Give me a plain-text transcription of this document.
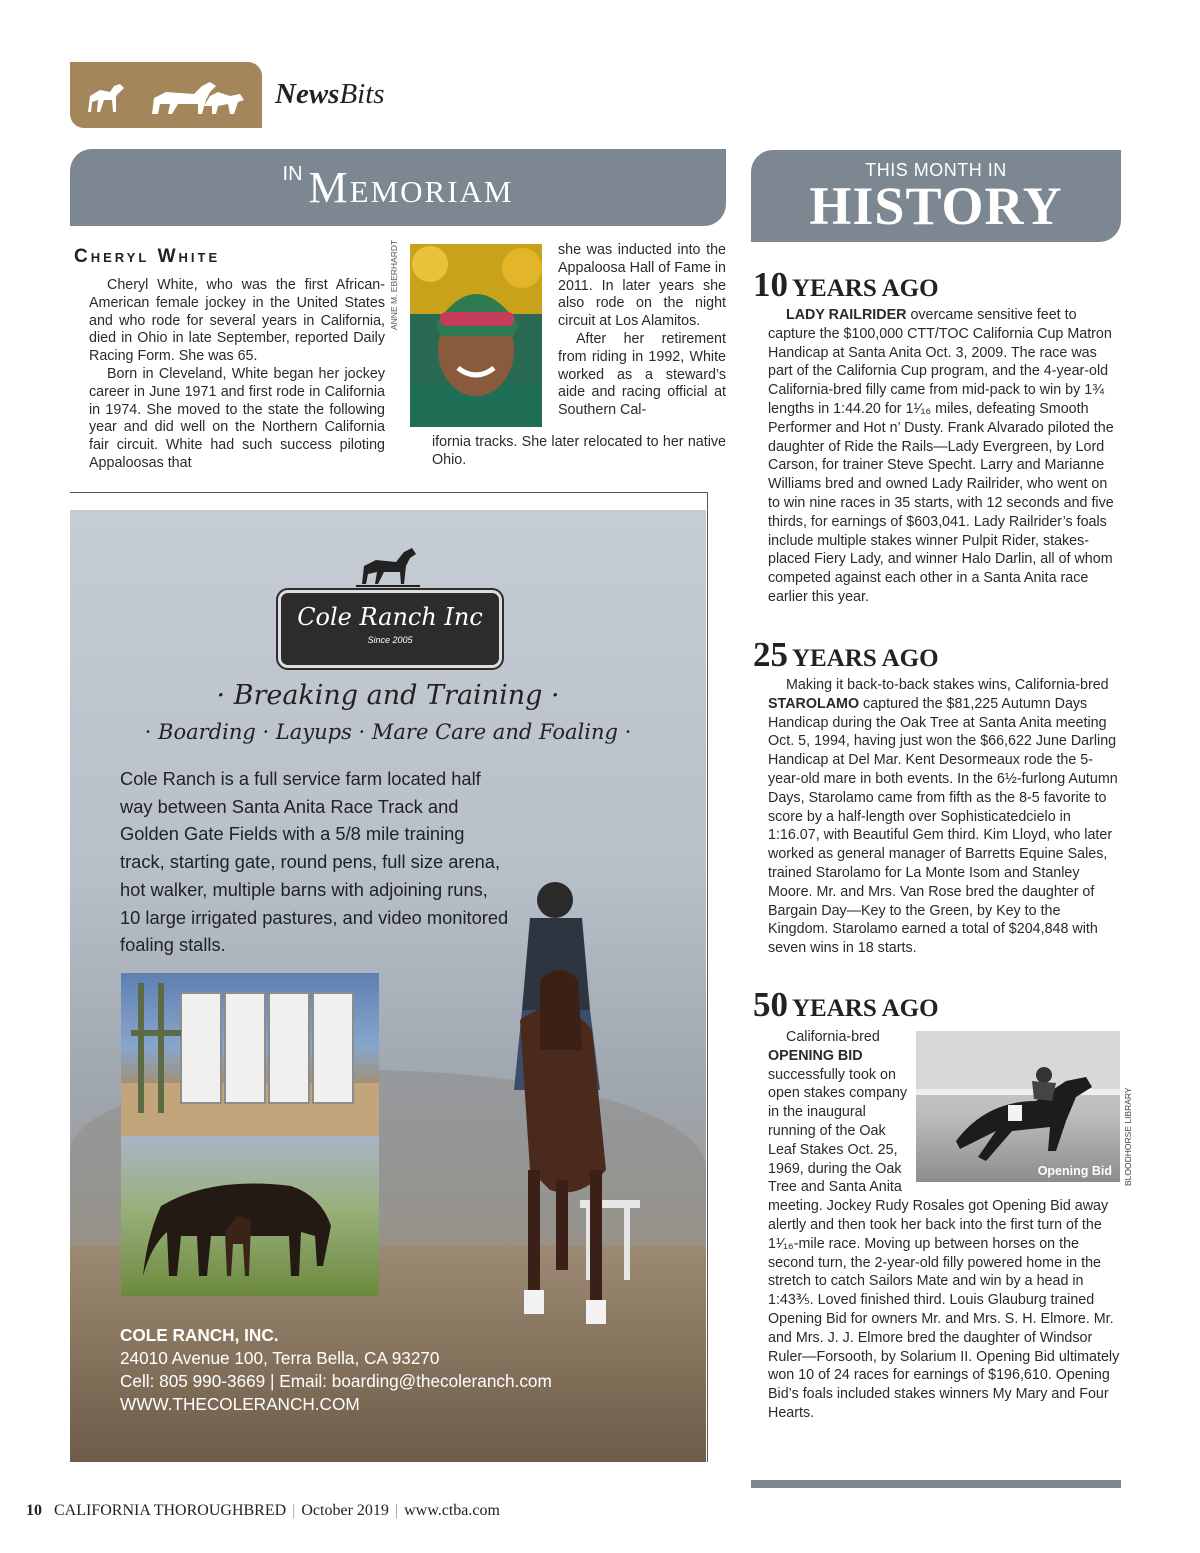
NewsBits
IN Memoriam
Cheryl White

Cheryl White, who was the first African-American female jockey in the United States and who rode for several years in California, died in Ohio in late September, reported Daily Racing Form. She was 65.

Born in Cleveland, White began her jockey career in June 1971 and first rode in California in 1974. She moved to the state the following year and did well on the Northern California fair circuit. White had such success piloting Appaloosas that

ANNE M. EBERHARDT	she was inducted into the Appaloosa Hall of Fame in 2011. In later years she also rode on the night circuit at Los Alamitos.

After her retirement from riding in 1992, White worked as a steward’s aide and racing official at Southern Cal-

ifornia tracks. She later relocated to her native Ohio.
Cole Ranch Inc
Since 2005
· Breaking and Training ·
· Boarding · Layups · Mare Care and Foaling ·
Cole Ranch is a full service farm located half way between Santa Anita Race Track and Golden Gate Fields with a 5/8 mile training track, starting gate, round pens, full size arena, hot walker, multiple barns with adjoining runs, 10 large irrigated pastures, and video monitored foaling stalls.
COLE RANCH, INC.
24010 Avenue 100, Terra Bella, CA 93270
Cell: 805 990-3669 | Email: boarding@thecoleranch.com
WWW.THECOLERANCH.COM
THIS MONTH IN
HISTORY
10 YEARS AGO

LADY RAILRIDER overcame sensitive feet to capture the $100,000 CTT/TOC California Cup Matron Handicap at Santa Anita Oct. 3, 2009. The race was part of the California Cup program, and the 4-year-old California-bred filly came from mid-pack to win by 1¾ lengths in 1:44.20 for 1¹⁄₁₆ miles, defeating Smooth Performer and Hot n’ Dusty. Frank Alvarado piloted the daughter of Ride the Rails—Lady Evergreen, by Lord Carson, for trainer Steve Specht. Larry and Marianne Williams bred and owned Lady Railrider, who went on to win nine races in 35 starts, with 12 seconds and five thirds, for earnings of $603,041. Lady Railrider’s foals include multiple stakes winner Pulpit Rider, stakes-placed Fiery Lady, and winner Halo Darlin, all of whom competed against each other in a Santa Anita race earlier this year.

25 YEARS AGO

Making it back-to-back stakes wins, California-bred STAROLAMO captured the $81,225 Autumn Days Handicap during the Oak Tree at Santa Anita meeting Oct. 5, 1994, having just won the $66,622 June Darling Handicap at Del Mar. Kent Desormeaux rode the 5-year-old mare in both events. In the 6½-furlong Autumn Days, Starolamo came from fifth as the 8-5 favorite to score by a half-length over Sophisticatedcielo in 1:16.07, with Beautiful Gem third. Kim Lloyd, who later worked as general manager of Barretts Equine Sales, trained Starolamo for La Monte Isom and Stanley Moore. Mr. and Mrs. Van Rose bred the daughter of Bargain Day—Key to the Green, by Key to the Kingdom. Starolamo earned a total of $204,848 with seven wins in 18 starts.

50 YEARS AGO

California-bred OPENING BID successfully took on open stakes company in the inaugural running of the Oak Leaf Stakes Oct. 25, 1969, during the Oak Tree and Santa Anita meeting. Jockey Rudy Rosales got Opening Bid away alertly and then took her back into the first turn of the 1¹⁄₁₆-mile race. Moving up between horses on the second turn, the 2-year-old filly powered home in the stretch to catch Sailors Mate and win by a head in 1:43⅗. Loved finished third. Louis Glauburg trained Opening Bid for owners Mr. and Mrs. S. H. Elmore. Mr. and Mrs. J. J. Elmore bred the daughter of Windsor Ruler—Forsooth, by Solarium II. Opening Bid ultimately won 10 of 24 races for earnings of $196,610. Opening Bid’s foals included stakes winners My Mary and Four Hearts.

Opening Bid BLOODHORSE LIBRARY
10 CALIFORNIA THOROUGHBRED | October 2019 | www.ctba.com
